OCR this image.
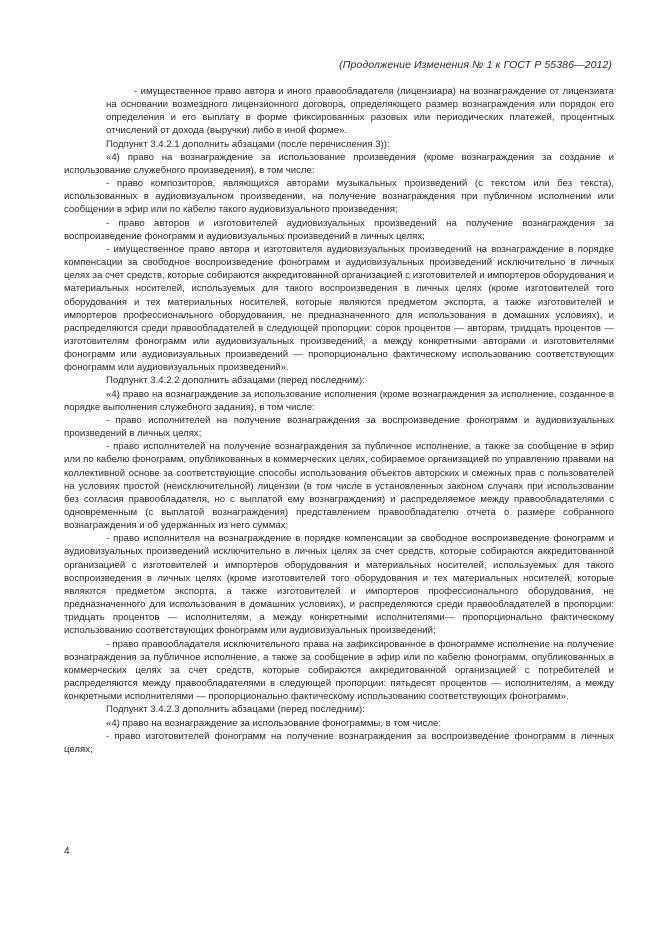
(Продолжение Изменения № 1 к ГОСТ Р 55386—2012)

- имущественное право автора и иного правообладателя (лицензиара) на вознаграждение от лицензиата на основании возмездного лицензионного договора, определяющего размер вознаграждения или порядок его определения и его выплату в форме фиксированных разовых или периодических платежей, процентных отчислений от дохода (выручки) либо в иной форме».

Подпункт 3.4.2.1 дополнить абзацами (после перечисления 3)):

«4) право на вознаграждение за использование произведения (кроме вознаграждения за создание и использование служебного произведения), в том числе:

- право композиторов, являющихся авторами музыкальных произведений (с текстом или без текста), использованных в аудиовизуальном произведении, на получение вознаграждения при публичном исполнении или сообщении в эфир или по кабелю такого аудиовизуального произведения;

- право авторов и изготовителей аудиовизуальных произведений на получение вознаграждения за воспроизведение фонограмм и аудиовизуальных произведений в личных целях;

- имущественное право автора и изготовителя аудиовизуальных произведений на вознаграждение в порядке компенсации за свободное воспроизведение фонограмм и аудиовизуальных произведений исключительно в личных целях за счет средств, которые собираются аккредитованной организацией с изготовителей и импортеров оборудования и материальных носителей, используемых для такого воспроизведения в личных целях (кроме изготовителей того оборудования и тех материальных носителей, которые являются предметом экспорта, а также изготовителей и импортеров профессионального оборудования, не предназначенного для использования в домашних условиях), и распределяются среди правообладателей в следующей пропорции: сорок процентов — авторам, тридцать процентов — изготовителям фонограмм или аудиовизуальных произведений, а между конкретными авторами и изготовителями фонограмм или аудиовизуальных произведений — пропорционально фактическому использованию соответствующих фонограмм или аудиовизуальных произведений».

Подпункт 3.4.2.2 дополнить абзацами (перед последним):

«4) право на вознаграждение за использование исполнения (кроме вознаграждения за исполнение, созданное в порядке выполнения служебного задания), в том числе:

- право исполнителей на получение вознаграждения за воспроизведение фонограмм и аудиовизуальных произведений в личных целях;

- право исполнителей на получение вознаграждения за публичное исполнение, а также за сообщение в эфир или по кабелю фонограмм, опубликованных в коммерческих целях, собираемое организацией по управлению правами на коллективной основе за соответствующие способы использования объектов авторских и смежных прав с пользователей на условиях простой (неисключительной) лицензии (в том числе в установленных законом случаях при использовании без согласия правообладателя, но с выплатой ему вознаграждения) и распределяемое между правообладателями с одновременным (с выплатой вознаграждения) представлением правообладателю отчета о размере собранного вознаграждения и об удержанных из него суммах;

- право исполнителя на вознаграждение в порядке компенсации за свободное воспроизведение фонограмм и аудиовизуальных произведений исключительно в личных целях за счет средств, которые собираются аккредитованной организацией с изготовителей и импортеров оборудования и материальных носителей, используемых для такого воспроизведения в личных целях (кроме изготовителей того оборудования и тех материальных носителей, которые являются предметом экспорта, а также изготовителей и импортеров профессионального оборудования, не предназначенного для использования в домашних условиях), и распределяются среди правообладателей в пропорции: тридцать процентов — исполнителям, а между конкретными исполнителями— пропорционально фактическому использованию соответствующих фонограмм или аудиовизуальных произведений;

- право правообладателя исключительного права на зафиксированное в фонограмме исполнение на получение вознаграждения за публичное исполнение, а также за сообщение в эфир или по кабелю фонограмм, опубликованных в коммерческих целях за счет средств, которые собираются аккредитованной организацией с потребителей и распределяются между правообладателями в следующей пропорции: пятьдесят процентов — исполнителям, а между конкретными исполнителями — пропорционально фактическому использованию соответствующих фонограмм».

Подпункт 3.4.2.3 дополнить абзацами (перед последним):

«4) право на вознаграждение за использование фонограммы, в том числе:

- право изготовителей фонограмм на получение вознаграждения за воспроизведение фонограмм в личных целях;

4
